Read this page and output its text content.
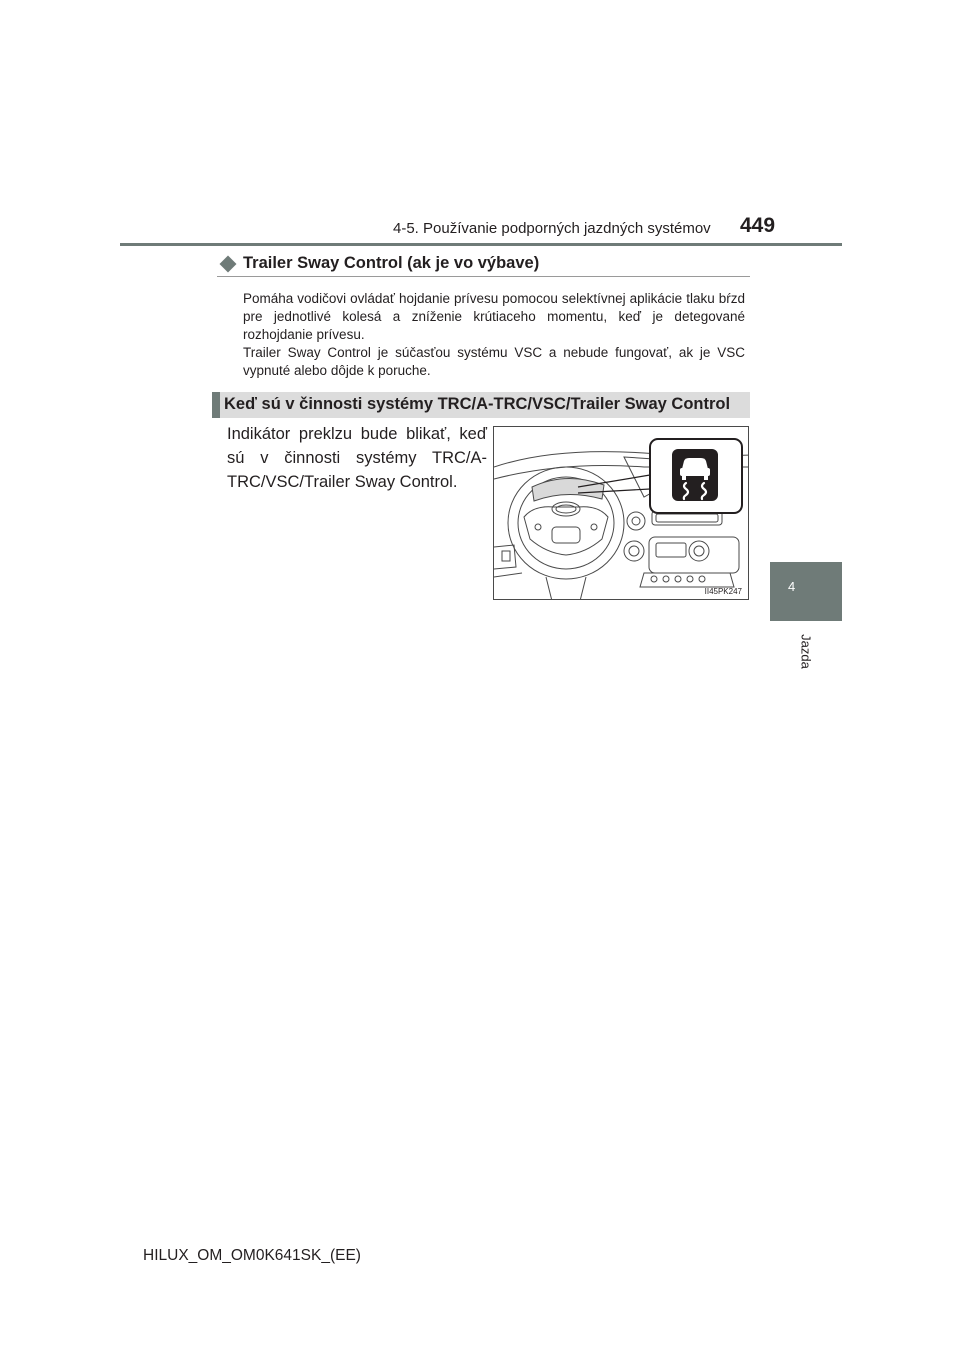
4-5. Používanie podporných jazdných systémov 449
4
Jazda
Trailer Sway Control (ak je vo výbave)

Pomáha vodičovi ovládať hojdanie prívesu pomocou selektívnej aplikácie tlaku bŕzd pre jednotlivé kolesá a zníženie krútiaceho momentu, keď je detegované rozhojdanie prívesu.

Trailer Sway Control je súčasťou systému VSC a nebude fungovať, ak je VSC vypnuté alebo dôjde k poruche.

Keď sú v činnosti systémy TRC/A-TRC/VSC/Trailer Sway Control

Indikátor preklzu bude blikať, keď sú v činnosti systémy TRC/A-TRC/VSC/Trailer Sway Control.

II45PK247
HILUX_OM_OM0K641SK_(EE)
